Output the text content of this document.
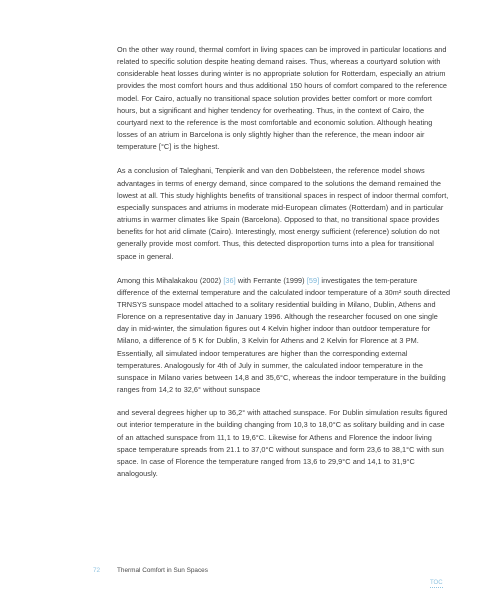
On the other way round, thermal comfort in living spaces can be improved in particular locations and related to specific solution despite heating demand raises. Thus, whereas a courtyard solution with considerable heat losses during winter is no appropriate solution for Rotterdam, especially an atrium provides the most comfort hours and thus additional 150 hours of comfort compared to the reference model. For Cairo, actually no transitional space solution provides better comfort or more comfort hours, but a significant and higher tendency for overheating. Thus, in the context of Cairo, the courtyard next to the reference is the most comfortable and economic solution. Although heating losses of an atrium in Barcelona is only slightly higher than the reference, the mean indoor air temperature [°C] is the highest.

As a conclusion of Taleghani, Tenpierik and van den Dobbelsteen, the reference model shows advantages in terms of energy demand, since compared to the solutions the demand remained the lowest at all. This study highlights benefits of transitional spaces in respect of indoor thermal comfort, especially sunspaces and atriums in moderate mid-European climates (Rotterdam) and in particular atriums in warmer climates like Spain (Barcelona). Opposed to that, no transitional space provides benefits for hot arid climate (Cairo). Interestingly, most energy sufficient (reference) solution do not generally provide most comfort. Thus, this detected disproportion turns into a plea for transitional space in general.

Among this Mihalakakou (2002) [36] with Ferrante (1999) [59] investigates the tem-perature difference of the external temperature and the calculated indoor temperature of a 30m² south directed TRNSYS sunspace model attached to a solitary residential building in Milano, Dublin, Athens and Florence on a representative day in January 1996. Although the researcher focused on one single day in mid-winter, the simulation figures out 4 Kelvin higher indoor than outdoor temperature for Milano, a difference of 5 K for Dublin, 3 Kelvin for Athens and 2 Kelvin for Florence at 3 PM. Essentially, all simulated indoor temperatures are higher than the corresponding external temperatures. Analogously for 4th of July in summer, the calculated indoor temperature in the sunspace in Milano varies between 14,8 and 35,6°C, whereas the indoor temperature in the building ranges from 14,2 to 32,6° without sunspace

and several degrees higher up to 36,2° with attached sunspace. For Dublin simulation results figured out interior temperature in the building changing from 10,3 to 18,0°C as solitary building and in case of an attached sunspace from 11,1 to 19,6°C. Likewise for Athens and Florence the indoor living space temperature spreads from 21.1 to 37,0°C without sunspace and form 23,6 to 38,1°C with sun space. In case of Florence the temperature ranged from 13,6 to 29,9°C and 14,1 to 31,9°C analogously.

72	Thermal Comfort in Sun Spaces
TOC
